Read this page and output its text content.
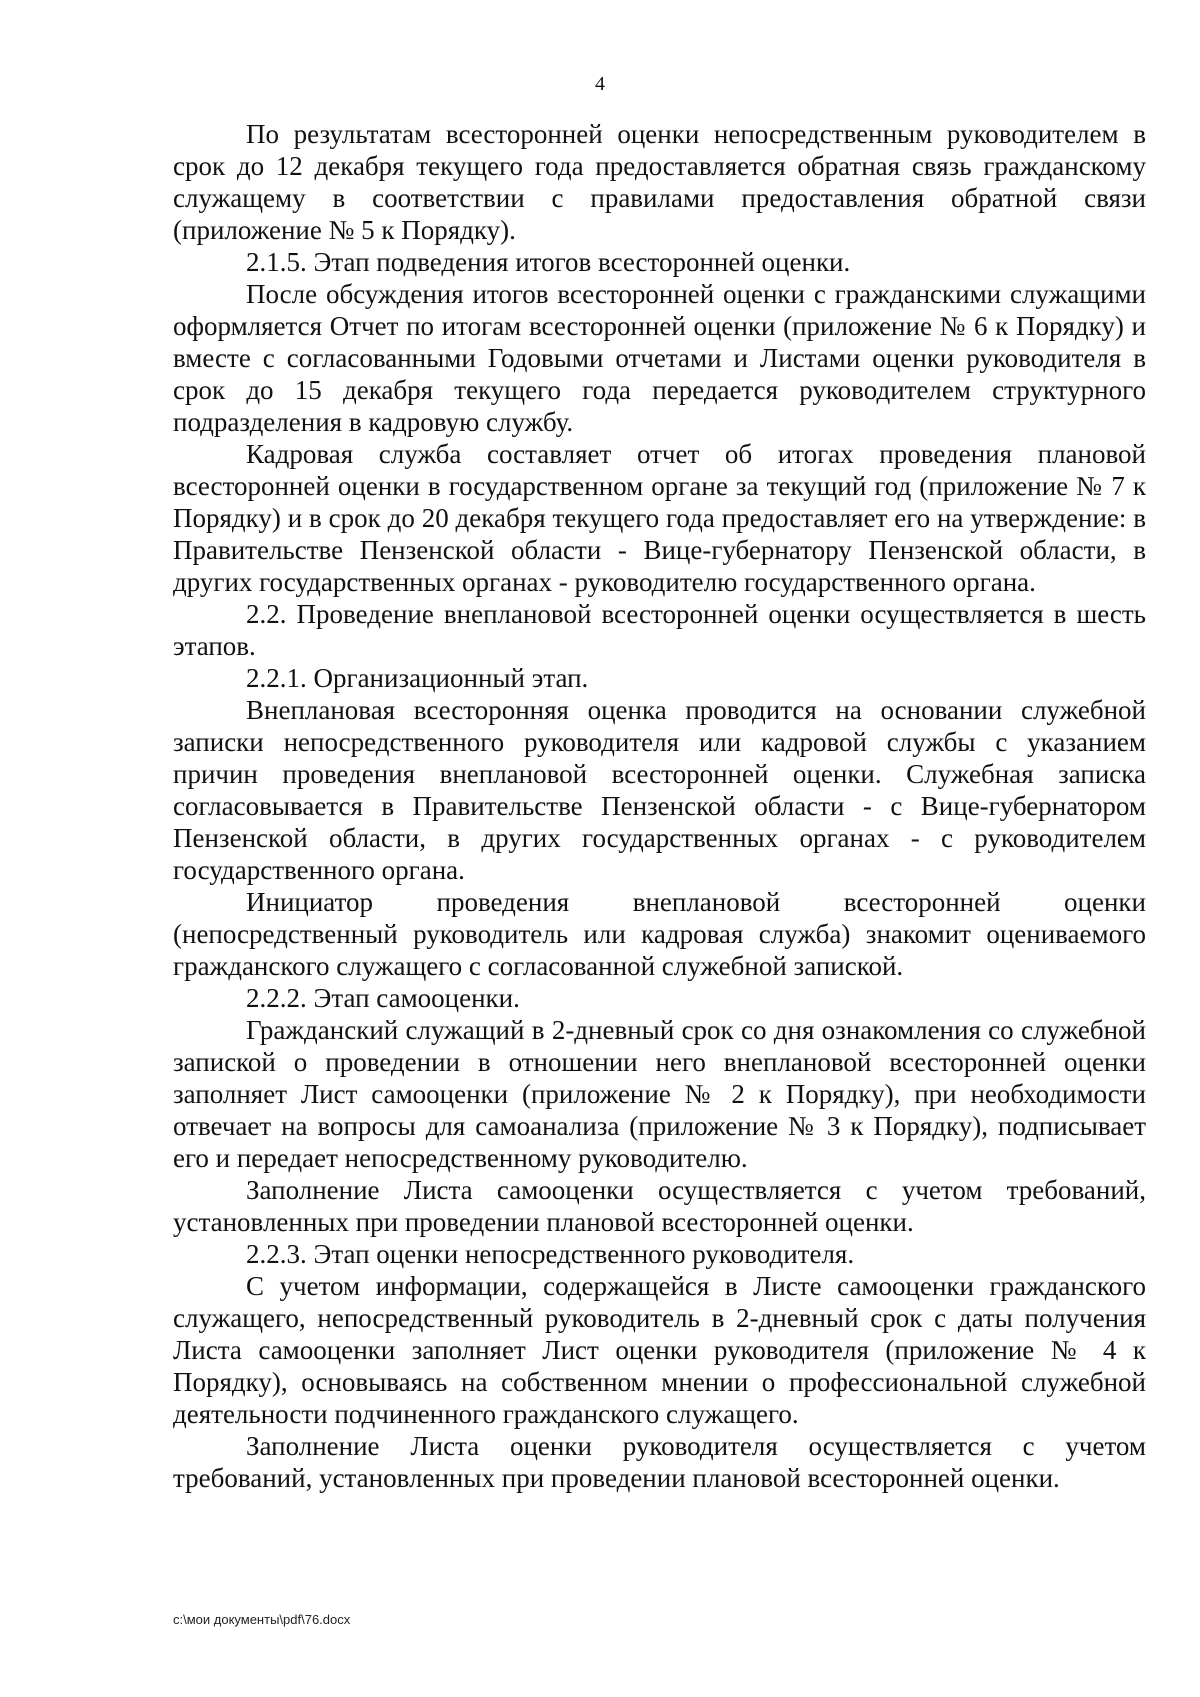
4

По результатам всесторонней оценки непосредственным руководителем в срок до 12 декабря текущего года предоставляется обратная связь гражданскому служащему в соответствии с правилами предоставления обратной связи (приложение № 5 к Порядку).

2.1.5. Этап подведения итогов всесторонней оценки.

После обсуждения итогов всесторонней оценки с гражданскими служащими оформляется Отчет по итогам всесторонней оценки (приложение № 6 к Порядку) и вместе с согласованными Годовыми отчетами и Листами оценки руководителя в срок до 15 декабря текущего года передается руководителем структурного подразделения в кадровую службу.

Кадровая служба составляет отчет об итогах проведения плановой всесторонней оценки в государственном органе за текущий год (приложение № 7 к Порядку) и в срок до 20 декабря текущего года предоставляет его на утверждение: в Правительстве Пензенской области - Вице-губернатору Пензенской области, в других государственных органах - руководителю государственного органа.

2.2. Проведение внеплановой всесторонней оценки осуществляется в шесть этапов.

2.2.1. Организационный этап.

Внеплановая всесторонняя оценка проводится на основании служебной записки непосредственного руководителя или кадровой службы с указанием причин проведения внеплановой всесторонней оценки. Служебная записка согласовывается в Правительстве Пензенской области - с Вице-губернатором Пензенской области, в других государственных органах - с руководителем государственного органа.

Инициатор проведения внеплановой всесторонней оценки (непосредственный руководитель или кадровая служба) знакомит оцениваемого гражданского служащего с согласованной служебной запиской.

2.2.2. Этап самооценки.

Гражданский служащий в 2-дневный срок со дня ознакомления со служебной запиской о проведении в отношении него внеплановой всесторонней оценки заполняет Лист самооценки (приложение № 2 к Порядку), при необходимости отвечает на вопросы для самоанализа (приложение № 3 к Порядку), подписывает его и передает непосредственному руководителю.

Заполнение Листа самооценки осуществляется с учетом требований, установленных при проведении плановой всесторонней оценки.

2.2.3. Этап оценки непосредственного руководителя.

С учетом информации, содержащейся в Листе самооценки гражданского служащего, непосредственный руководитель в 2-дневный срок с даты получения Листа самооценки заполняет Лист оценки руководителя (приложение № 4 к Порядку), основываясь на собственном мнении о профессиональной служебной деятельности подчиненного гражданского служащего.

Заполнение Листа оценки руководителя осуществляется с учетом требований, установленных при проведении плановой всесторонней оценки.

c:\мои документы\pdf\76.docx
